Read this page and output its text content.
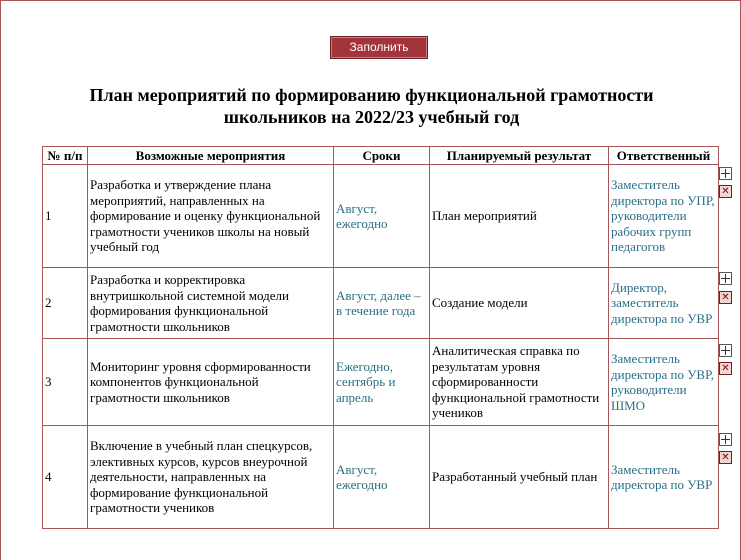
Заполнить
План мероприятий по формированию функциональной грамотности школьников на 2022/23 учебный год
№ п/п	Возможные мероприятия	Сроки	Планируемый результат	Ответственный
1	Разработка и утверждение плана мероприятий, направленных на формирование и оценку функциональной грамотности учеников школы на новый учебный год	Август, ежегодно	План мероприятий	Заместитель директора по УПР, руководители рабочих групп педагогов
2	Разработка и корректировка внутришкольной системной модели формирования функциональной грамотности школьников	Август, далее – в течение года	Создание модели	Директор, заместитель директора по УВР
3	Мониторинг уровня сформированности компонентов функциональной грамотности школьников	Ежегодно, сентябрь и апрель	Аналитическая справка по результатам уровня сформированности функциональной грамотности учеников	Заместитель директора по УВР, руководители ШМО
4	Включение в учебный план спецкурсов, элективных курсов, курсов внеурочной деятельности, направленных на формирование функциональной грамотности учеников	Август, ежегодно	Разработанный учебный план	Заместитель директора по УВР
✕
✕
✕
✕
